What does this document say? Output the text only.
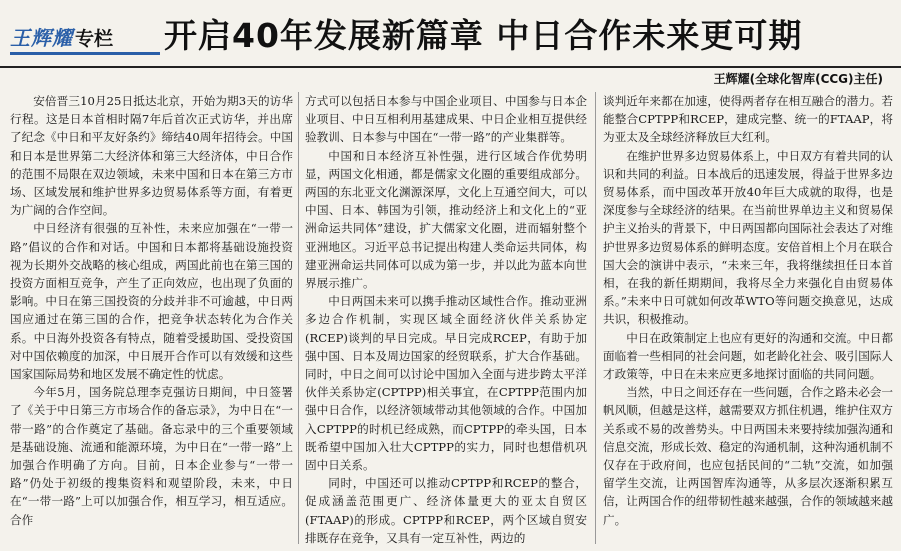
王辉耀 专栏 开启40年发展新篇章 中日合作未来更可期
王辉耀(全球化智库(CCG)主任)

安倍晋三10月25日抵达北京，开始为期3天的访华行程。这是日本首相时隔7年后首次正式访华，并出席了纪念《中日和平友好条约》缔结40周年招待会。中国和日本是世界第二大经济体和第三大经济体，中日合作的范围不局限在双边领域，未来中国和日本在第三方市场、区域发展和维护世界多边贸易体系等方面，有着更为广阔的合作空间。

中日经济有很强的互补性，未来应加强在“一带一路”倡议的合作和对话。中国和日本都将基础设施投资视为长期外交战略的核心组成，两国此前也在第三国的投资方面相互竞争，产生了正向效应，也出现了负面的影响。中日在第三国投资的分歧并非不可逾越，中日两国应通过在第三国的合作，把竞争状态转化为合作关系。中日海外投资各有特点，随着受援助国、受投资国对中国依赖度的加深，中日展开合作可以有效缓和这些国家国际局势和地区发展不确定性的忧虑。

今年5月，国务院总理李克强访日期间，中日签署了《关于中日第三方市场合作的备忘录》，为中日在“一带一路”的合作奠定了基础。备忘录中的三个重要领域是基础设施、流通和能源环境，为中日在“一带一路”上加强合作明确了方向。目前，日本企业参与“一带一路”仍处于初级的搜集资料和观望阶段，未来，中日在“一带一路”上可以加强合作，相互学习，相互适应。合作

方式可以包括日本参与中国企业项目、中国参与日本企业项目、中日互相利用基建成果、中日企业相互提供经验教训、日本参与中国在“一带一路”的产业集群等。

中国和日本经济互补性强，进行区域合作优势明显，两国文化相通，都是儒家文化圈的重要组成部分。两国的东北亚文化渊源深厚，文化上互通空间大，可以中国、日本、韩国为引领，推动经济上和文化上的“亚洲命运共同体”建设，扩大儒家文化圈，进而辐射整个亚洲地区。习近平总书记提出构建人类命运共同体，构建亚洲命运共同体可以成为第一步，并以此为蓝本向世界展示推广。

中日两国未来可以携手推动区域性合作。推动亚洲多边合作机制，实现区域全面经济伙伴关系协定(RCEP)谈判的早日完成。早日完成RCEP，有助于加强中国、日本及周边国家的经贸联系，扩大合作基础。同时，中日之间可以讨论中国加入全面与进步跨太平洋伙伴关系协定(CPTPP)相关事宜，在CPTPP范围内加强中日合作，以经济领域带动其他领域的合作。中国加入CPTPP的时机已经成熟，而CPTPP的牵头国，日本既希望中国加入壮大CPTPP的实力，同时也想借机巩固中日关系。

同时，中国还可以推动CPTPP和RCEP的整合，促成涵盖范围更广、经济体量更大的亚太自贸区(FTAAP)的形成。CPTPP和RCEP，两个区域自贸安排既存在竞争，又具有一定互补性，两边的

谈判近年来都在加速，使得两者存在相互融合的潜力。若能整合CPTPP和RCEP，建成完整、统一的FTAAP，将为亚太及全球经济释放巨大红利。

在维护世界多边贸易体系上，中日双方有着共同的认识和共同的利益。日本战后的迅速发展，得益于世界多边贸易体系，而中国改革开放40年巨大成就的取得，也是深度参与全球经济的结果。在当前世界单边主义和贸易保护主义抬头的背景下，中日两国都向国际社会表达了对维护世界多边贸易体系的鲜明态度。安倍首相上个月在联合国大会的演讲中表示，“未来三年，我将继续担任日本首相，在我的新任期期间，我将尽全力来强化自由贸易体系。”未来中日可就如何改革WTO等问题交换意见，达成共识，积极推动。

中日在政策制定上也应有更好的沟通和交流。中日都面临着一些相同的社会问题，如老龄化社会、吸引国际人才政策等，中日在未来应更多地探讨面临的共同问题。

当然，中日之间还存在一些问题，合作之路未必会一帆风顺，但越是这样，越需要双方抓住机遇，维护住双方关系或不易的改善势头。中日两国未来要持续加强沟通和信息交流，形成长效、稳定的沟通机制，这种沟通机制不仅存在于政府间，也应包括民间的“二轨”交流，如加强留学生交流，让两国智库沟通等，从多层次逐渐积累互信，让两国合作的纽带韧性越来越强，合作的领域越来越广。
